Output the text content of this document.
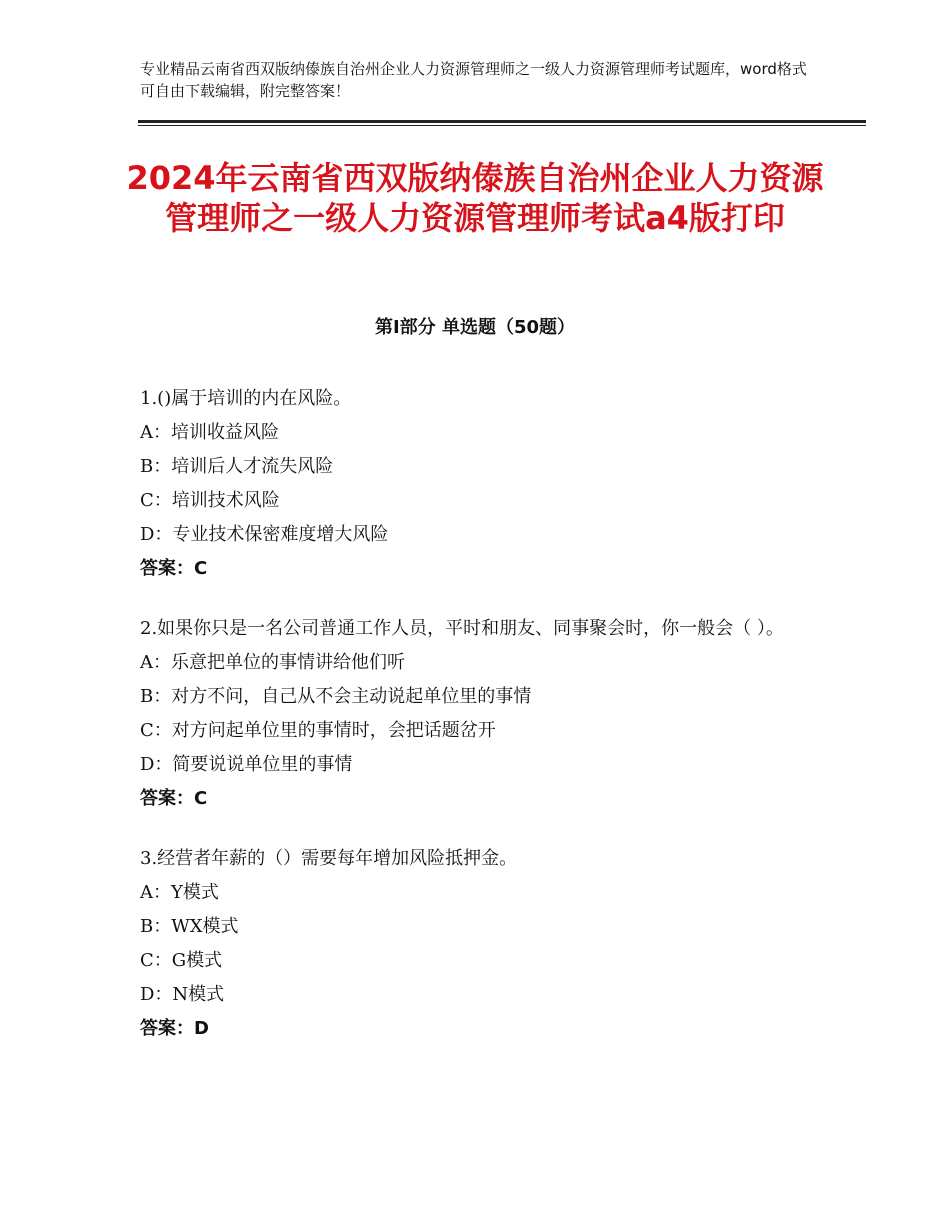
专业精品云南省西双版纳傣族自治州企业人力资源管理师之一级人力资源管理师考试题库，word格式可自由下载编辑，附完整答案！
2024年云南省西双版纳傣族自治州企业人力资源管理师之一级人力资源管理师考试a4版打印
第Ⅰ部分 单选题（50题）
1.()属于培训的内在风险。
A：培训收益风险
B：培训后人才流失风险
C：培训技术风险
D：专业技术保密难度增大风险
答案：C
2.如果你只是一名公司普通工作人员，平时和朋友、同事聚会时，你一般会（ ）。
A：乐意把单位的事情讲给他们听
B：对方不问，自己从不会主动说起单位里的事情
C：对方问起单位里的事情时，会把话题岔开
D：简要说说单位里的事情
答案：C
3.经营者年薪的（）需要每年增加风险抵押金。
A：Y模式
B：WX模式
C：G模式
D：N模式
答案：D
